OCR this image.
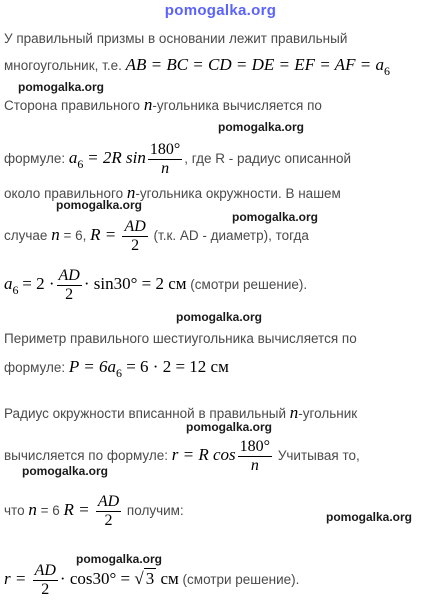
pomogalka.org
У правильный призмы в основании лежит правильный
многоугольник, т.е. AB = BC = CD = DE = EF = AF = a6
pomogalka.org
Сторона правильного n-угольника вычисляется по
pomogalka.org
формуле: a6 = 2R $\sin \frac{180^\circ}{n}$ , где R - радиус описанной
около правильного n-угольника окружности. В нашем
pomogalka.org
pomogalka.org
случае n = 6, $R = \frac{AD}{2} (т.к$. AD - диаметр), тогда
$a6 = 2 \cdot \frac{AD}{2} \cdot \sin 30^\circ = 2$ см (смотри решение).
pomogalka.org
Периметр правильного шестиугольника вычисляется по
формуле: P = 6a6 = 6 · 2 = 12 см
Радиус окружности вписанной в правильный n-угольник
pomogalka.org
вычисляется по формуле: r = R $\cos \frac{180^\circ}{n}$ Учитывая то,
pomogalka.org
что n = 6 $R = \frac{AD}{2}$ получим:	pomogalka.org
pomogalka.org
$r = \frac{AD}{2} \cdot \cos 30^\circ$ = √ 3 см (смотри решение).
